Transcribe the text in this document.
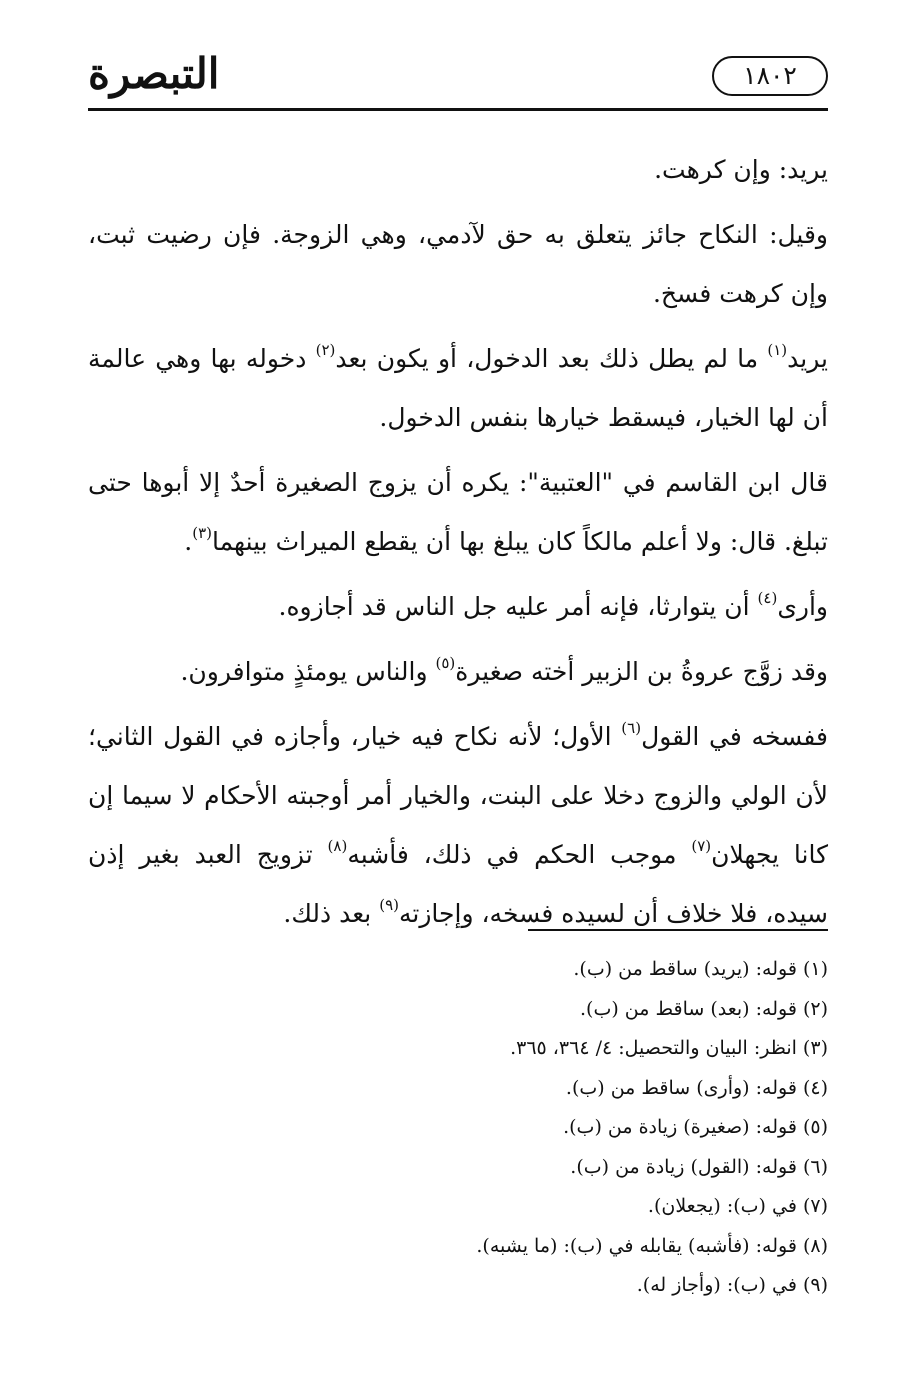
التبصرة	١٨٠٢

يريد: وإن كرهت.

وقيل: النكاح جائز يتعلق به حق لآدمي، وهي الزوجة. فإن رضيت ثبت، وإن كرهت فسخ.

يريد$^{(١)}$ ما لم يطل ذلك بعد الدخول، أو يكون بعد$^{(٢)}$ دخوله بها وهي عالمة أن لها الخيار، فيسقط خيارها بنفس الدخول.

قال ابن القاسم في "العتبية": يكره أن يزوج الصغيرة أحدٌ إلا أبوها حتى تبلغ. قال: ولا أعلم مالكاً كان يبلغ بها أن يقطع الميراث بينهما$^{(٣)}$.

وأرى$^{(٤)}$ أن يتوارثا، فإنه أمر عليه جل الناس قد أجازوه.

وقد زوَّج عروةُ بن الزبير أخته صغيرة$^{(٥)}$ والناس يومئذٍ متوافرون.

ففسخه في القول$^{(٦)}$ الأول؛ لأنه نكاح فيه خيار، وأجازه في القول الثاني؛ لأن الولي والزوج دخلا على البنت، والخيار أمر أوجبته الأحكام لا سيما إن كانا يجهلان$^{(٧)}$ موجب الحكم في ذلك، فأشبه$^{(٨)}$ تزويج العبد بغير إذن سيده، فلا خلاف أن لسيده فسخه، وإجازته$^{(٩)}$ بعد ذلك.

(١) قوله: (يريد) ساقط من (ب).
(٢) قوله: (بعد) ساقط من (ب).
(٣) انظر: البيان والتحصيل: ٤/ ٣٦٤، ٣٦٥.
(٤) قوله: (وأرى) ساقط من (ب).
(٥) قوله: (صغيرة) زيادة من (ب).
(٦) قوله: (القول) زيادة من (ب).
(٧) في (ب): (يجعلان).
(٨) قوله: (فأشبه) يقابله في (ب): (ما يشبه).
(٩) في (ب): (وأجاز له).
